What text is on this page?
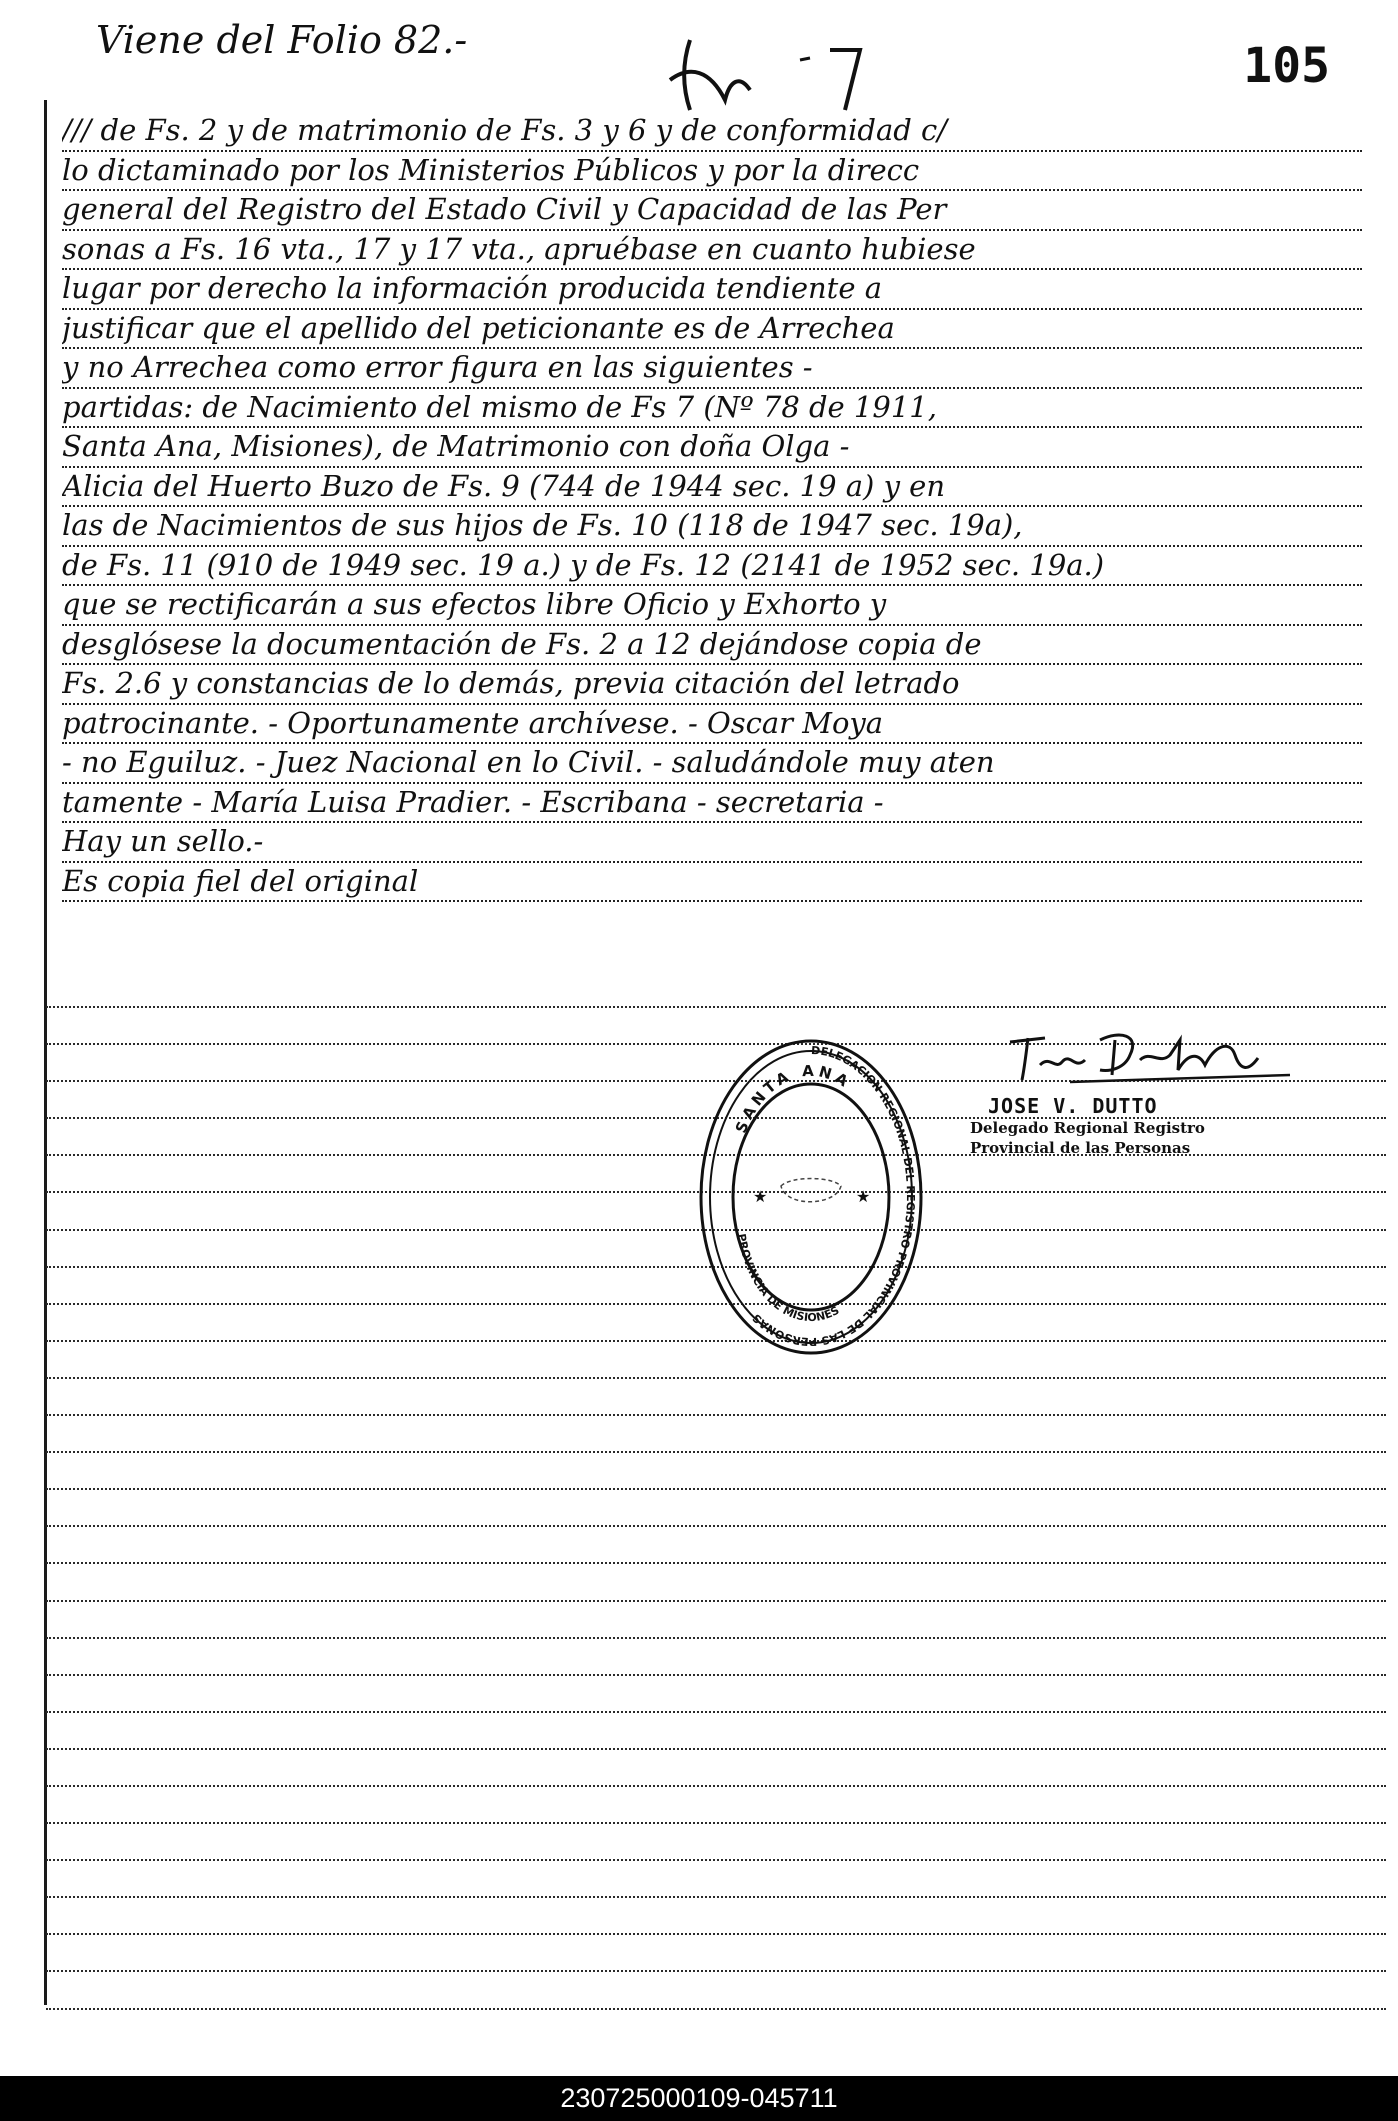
Viene del Folio 82.-	105
/// de Fs. 2 y de matrimonio de Fs. 3 y 6 y de conformidad c/
lo dictaminado por los Ministerios Públicos y por la direcc
general del Registro del Estado Civil y Capacidad de las Per
sonas a Fs. 16 vta., 17 y 17 vta., apruébase en cuanto hubiese
lugar por derecho la información producida tendiente a
justificar que el apellido del peticionante es de Arrechea
y no Arrechea como error figura en las siguientes -
partidas: de Nacimiento del mismo de Fs 7 (Nº 78 de 1911,
Santa Ana, Misiones), de Matrimonio con doña Olga -
Alicia del Huerto Buzo de Fs. 9 (744 de 1944 sec. 19 a) y en
las de Nacimientos de sus hijos de Fs. 10 (118 de 1947 sec. 19a),
de Fs. 11 (910 de 1949 sec. 19 a.) y de Fs. 12 (2141 de 1952 sec. 19a.)
que se rectificarán a sus efectos libre Oficio y Exhorto y
desglósese la documentación de Fs. 2 a 12 dejándose copia de
Fs. 2.6 y constancias de lo demás, previa citación del letrado
patrocinante. - Oportunamente archívese. - Oscar Moya
- no Eguiluz. - Juez Nacional en lo Civil. - saludándole muy aten
tamente - María Luisa Pradier. - Escribana - secretaria -
Hay un sello.-
Es copia fiel del original
DELEGACION REGIONAL DEL REGISTRO PROVINCIAL DE LAS PERSONAS
SANTA ANA
PROVINCIA DE MISIONES
★	★
JOSE V. DUTTO
Delegado Regional Registro
Provincial de las Personas
230725000109-045711
